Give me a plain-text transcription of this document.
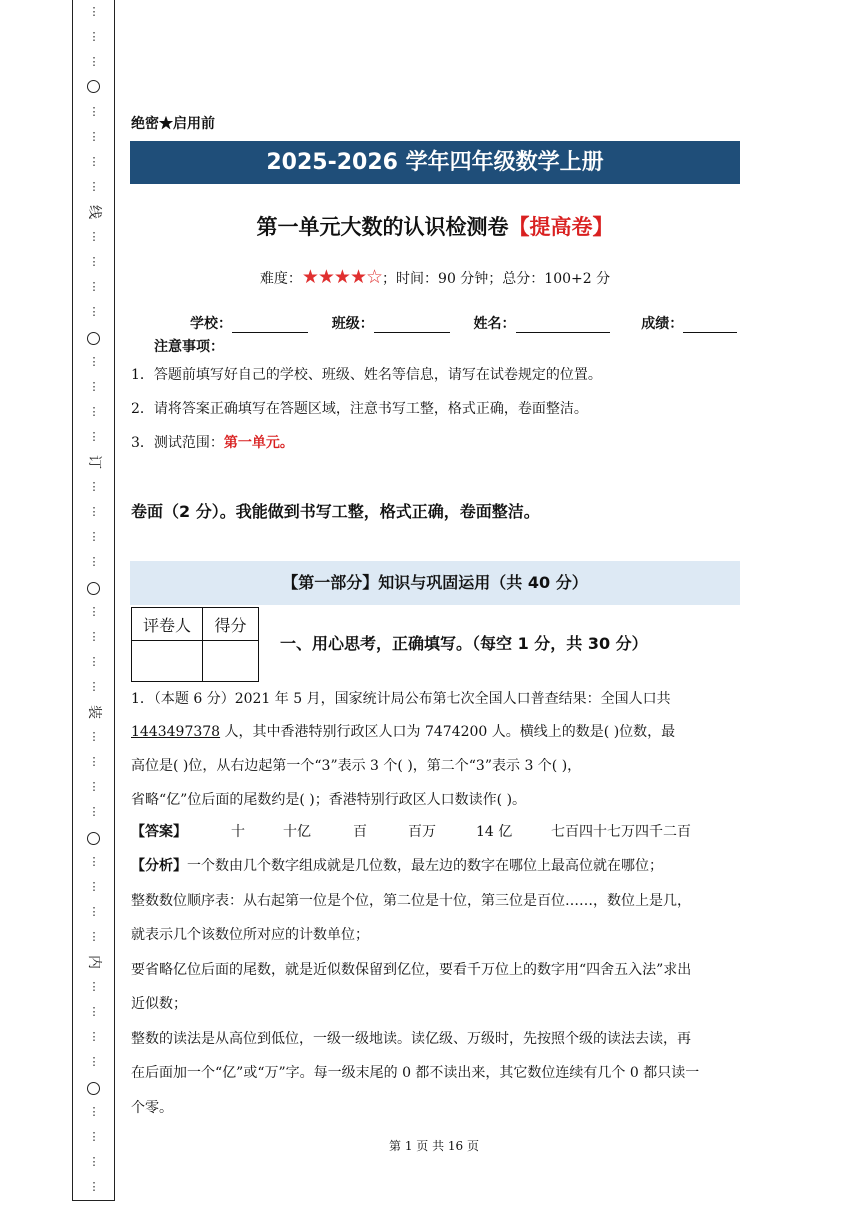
⋮
⋮
⋮
⋮
⋮
⋮
⋮
⋮
⋮
⋮
⋮
⋮
⋮
⋮
⋮
⋮
⋮
⋮
⋮
⋮
⋮
⋮
⋮
⋮
⋮
⋮
⋮
⋮
⋮
⋮
⋮
⋮
⋮
⋮
⋮
⋮
⋮
⋮
⋮
线
订
装
内
绝密★启用前
2025-2026 学年四年级数学上册
第一单元大数的认识检测卷【提高卷】
难度：★★★★☆；时间：90 分钟；总分：100+2 分
学校：	班级：	姓名：	成绩：
注意事项：
1．答题前填写好自己的学校、班级、姓名等信息，请写在试卷规定的位置。
2．请将答案正确填写在答题区域，注意书写工整，格式正确，卷面整洁。
3．测试范围：第一单元。
卷面（2 分）。我能做到书写工整，格式正确，卷面整洁。
【第一部分】知识与巩固运用（共 40 分）
评卷人	得分

一、用心思考，正确填写。（每空 1 分，共 30 分）
1．（本题 6 分）2021 年 5 月，国家统计局公布第七次全国人口普查结果：全国人口共
1443497378 人，其中香港特别行政区人口为 7474200 人。横线上的数是( )位数，最
高位是( )位，从右边起第一个“3”表示 3 个( )，第二个“3”表示 3 个( )，
省略“亿”位后面的尾数约是( )；香港特别行政区人口数读作( )。
【答案】	十	十亿	百	百万	14 亿	七百四十七万四千二百
【分析】一个数由几个数字组成就是几位数，最左边的数字在哪位上最高位就在哪位；
整数数位顺序表：从右起第一位是个位，第二位是十位，第三位是百位……，数位上是几，
就表示几个该数位所对应的计数单位；
要省略亿位后面的尾数，就是近似数保留到亿位，要看千万位上的数字用“四舍五入法”求出
近似数；
整数的读法是从高位到低位，一级一级地读。读亿级、万级时，先按照个级的读法去读，再
在后面加一个“亿”或“万”字。每一级末尾的 0 都不读出来，其它数位连续有几个 0 都只读一
个零。
第 1 页 共 16 页
